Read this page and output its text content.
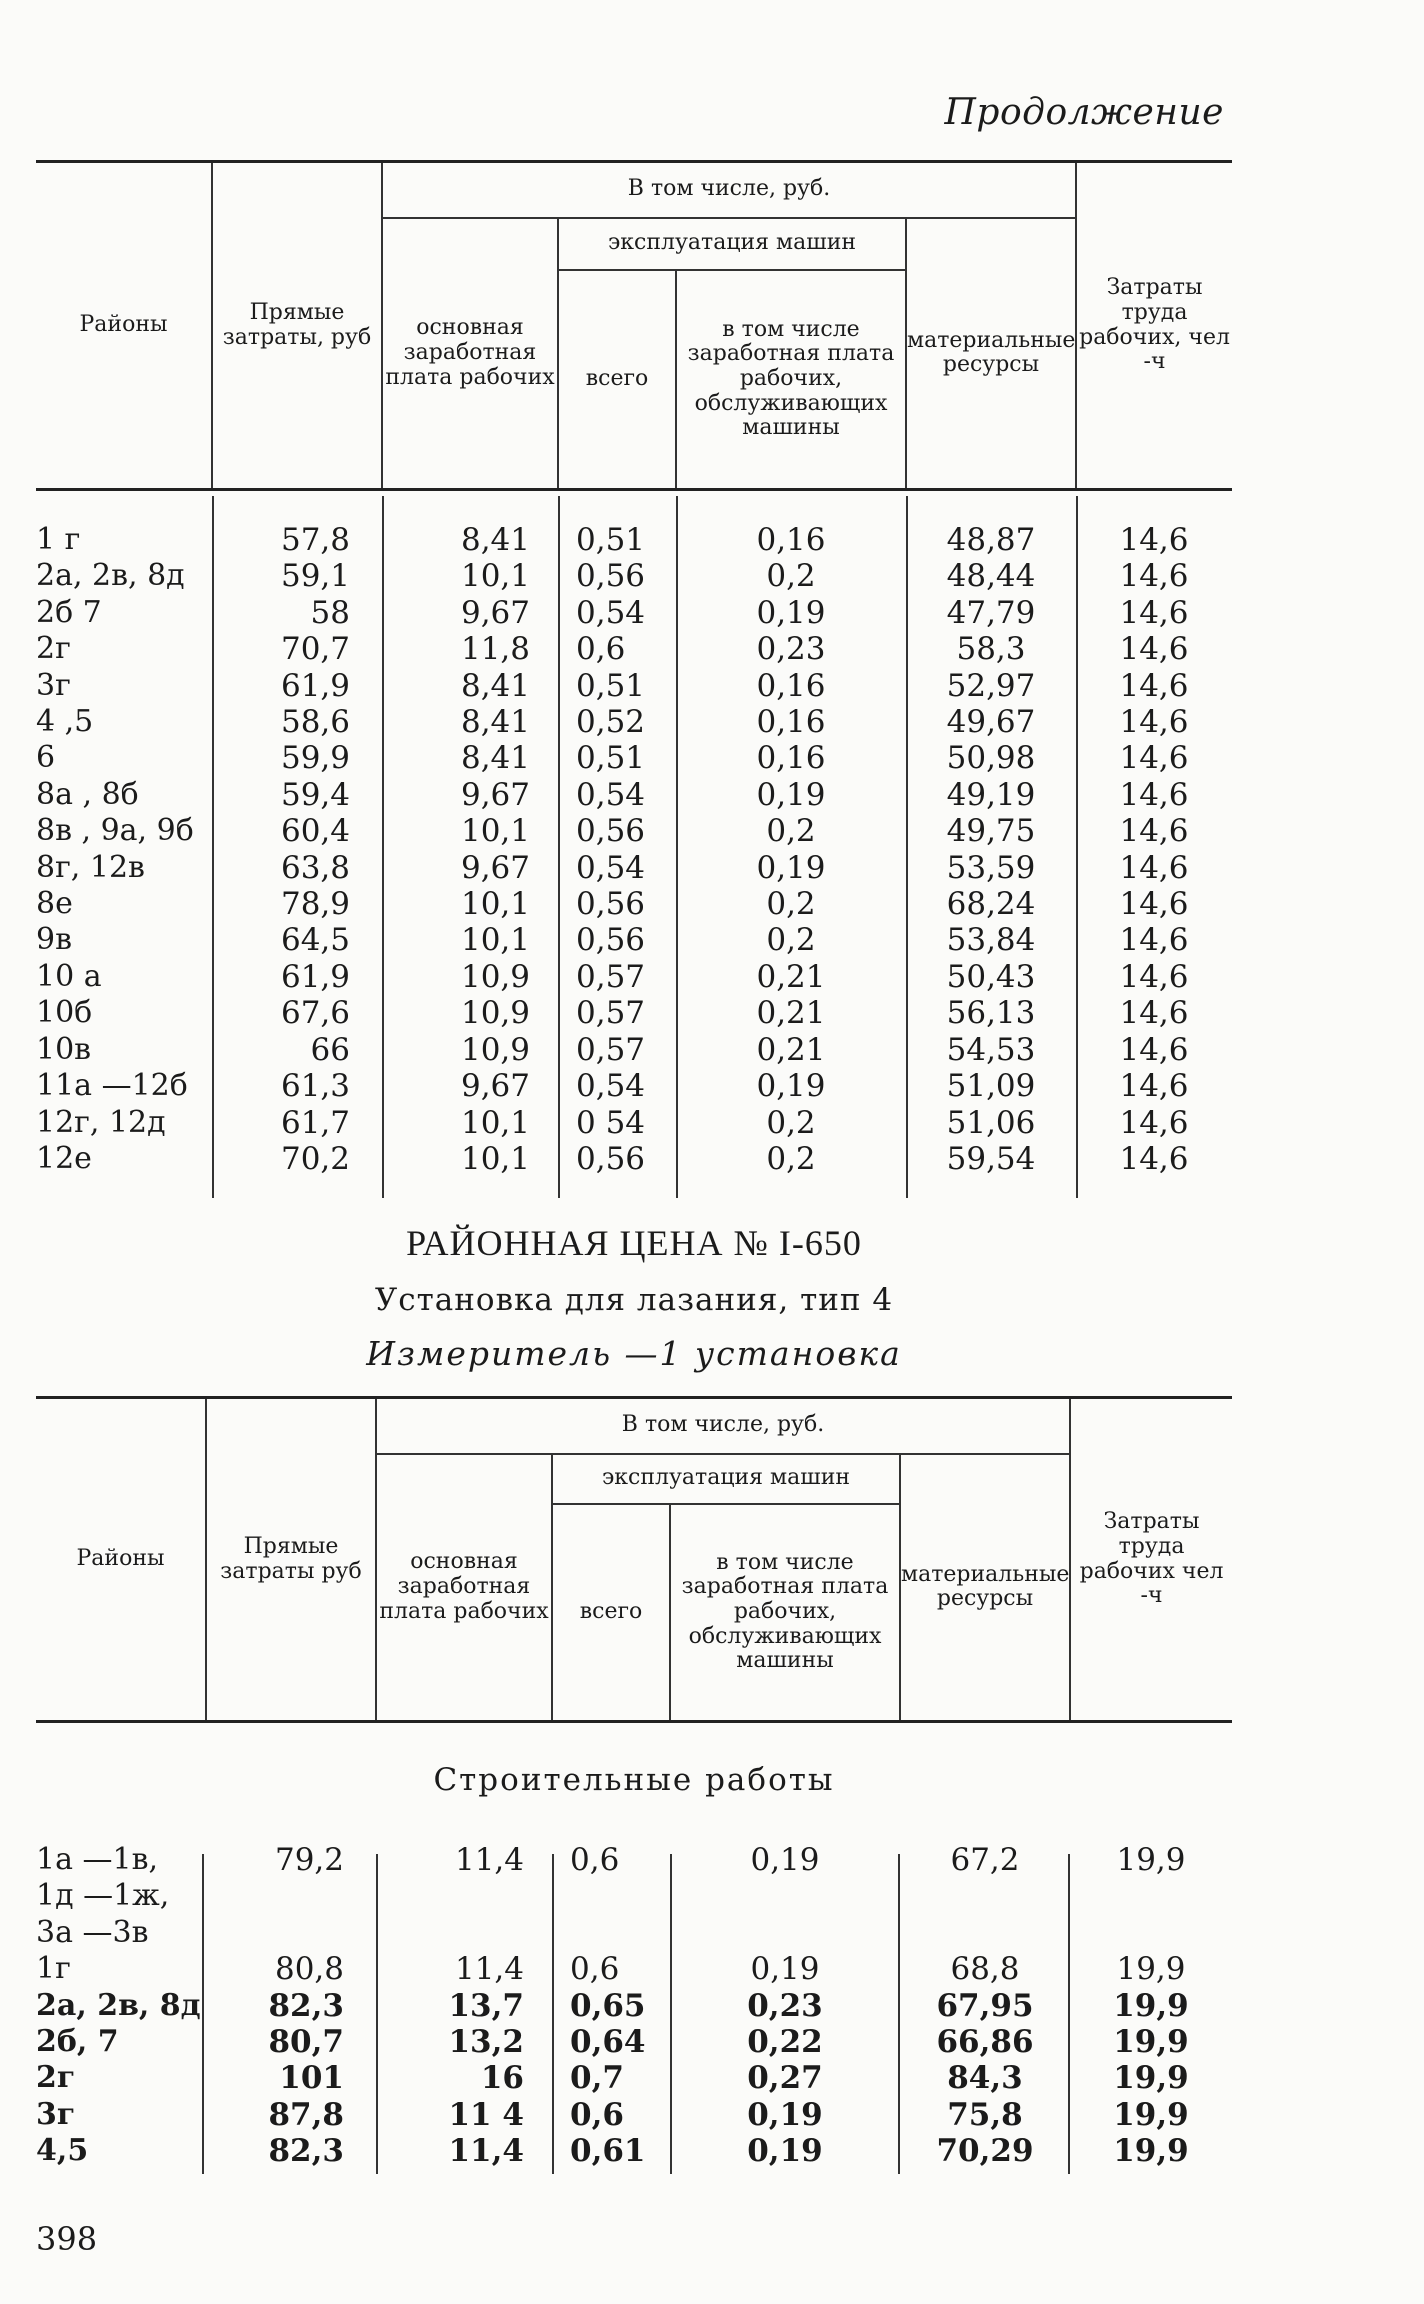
Продолжение
Районы	Прямые затраты, руб	В том числе, руб.				Затраты труда рабочих, чел -ч
		основная заработная плата рабочих	эксплуатация машин		материальные ресурсы	
			всего	в том числе заработная плата рабочих, обслуживающих машины		
1 г	57,8	8,41	0,51	0,16	48,87	14,6
2а, 2в, 8д	59,1	10,1	0,56	0,2	48,44	14,6
2б 7	58	9,67	0,54	0,19	47,79	14,6
2г	70,7	11,8	0,6	0,23	58,3	14,6
3г	61,9	8,41	0,51	0,16	52,97	14,6
4 ,5	58,6	8,41	0,52	0,16	49,67	14,6
6	59,9	8,41	0,51	0,16	50,98	14,6
8а , 8б	59,4	9,67	0,54	0,19	49,19	14,6
8в , 9а, 9б	60,4	10,1	0,56	0,2	49,75	14,6
8г, 12в	63,8	9,67	0,54	0,19	53,59	14,6
8е	78,9	10,1	0,56	0,2	68,24	14,6
9в	64,5	10,1	0,56	0,2	53,84	14,6
10 а	61,9	10,9	0,57	0,21	50,43	14,6
10б	67,6	10,9	0,57	0,21	56,13	14,6
10в	66	10,9	0,57	0,21	54,53	14,6
11а —12б	61,3	9,67	0,54	0,19	51,09	14,6
12г, 12д	61,7	10,1	0 54	0,2	51,06	14,6
12е	70,2	10,1	0,56	0,2	59,54	14,6
РАЙОННАЯ ЦЕНА № I-650
Установка для лазания, тип 4
Измеритель —1 установка
Районы	Прямые затраты руб	В том числе, руб.				Затраты труда рабочих чел -ч
		основная заработная плата рабочих	эксплуатация машин		материальные ресурсы	
			всего	в том числе заработная плата рабочих, обслуживающих машины		
Строительные работы
1а —1в,	79,2	11,4	0,6	0,19	67,2	19,9
1д —1ж,						
3а —3в						
1г	80,8	11,4	0,6	0,19	68,8	19,9
2а, 2в, 8д	82,3	13,7	0,65	0,23	67,95	19,9
2б, 7	80,7	13,2	0,64	0,22	66,86	19,9
2г	101	16	0,7	0,27	84,3	19,9
3г	87,8	11 4	0,6	0,19	75,8	19,9
4,5	82,3	11,4	0,61	0,19	70,29	19,9
398
